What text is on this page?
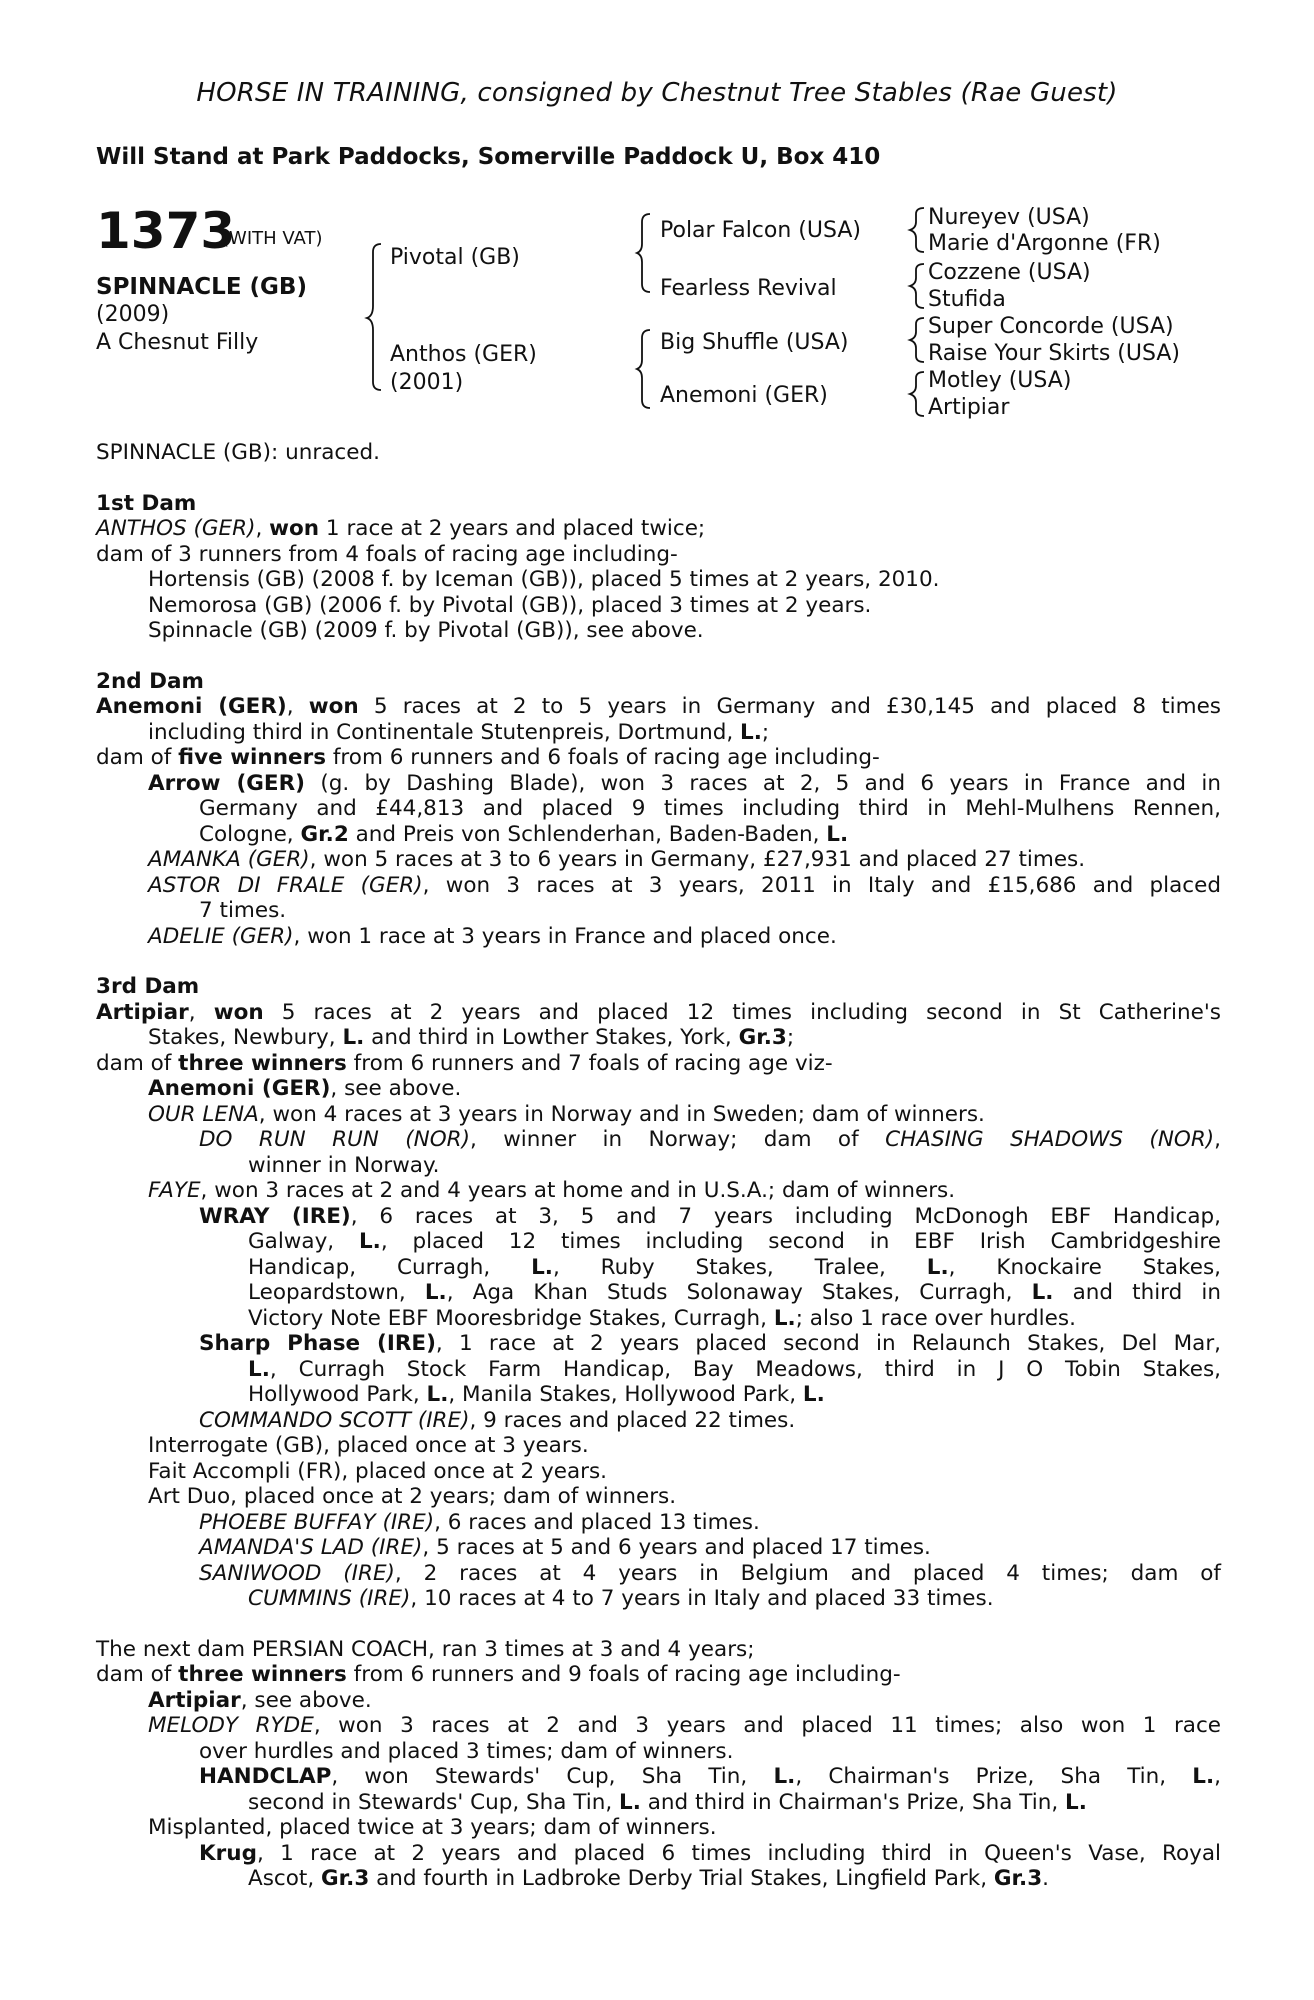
HORSE IN TRAINING, consigned by Chestnut Tree Stables (Rae Guest)
Will Stand at Park Paddocks, Somerville Paddock U, Box 410
1373
(WITH VAT)
SPINNACLE (GB)
(2009)
A Chesnut Filly
Pivotal (GB)
Anthos (GER)
(2001)
Polar Falcon (USA)
Fearless Revival
Big Shuffle (USA)
Anemoni (GER)
Nureyev (USA)
Marie d'Argonne (FR)
Cozzene (USA)
Stufida
Super Concorde (USA)
Raise Your Skirts (USA)
Motley (USA)
Artipiar
SPINNACLE (GB): unraced.
1st Dam
ANTHOS (GER), won 1 race at 2 years and placed twice;
dam of 3 runners from 4 foals of racing age including-
Hortensis (GB) (2008 f. by Iceman (GB)), placed 5 times at 2 years, 2010.
Nemorosa (GB) (2006 f. by Pivotal (GB)), placed 3 times at 2 years.
Spinnacle (GB) (2009 f. by Pivotal (GB)), see above.
2nd Dam
Anemoni (GER), won 5 races at 2 to 5 years in Germany and £30,145 and placed 8 times
including third in Continentale Stutenpreis, Dortmund, L.;
dam of five winners from 6 runners and 6 foals of racing age including-
Arrow (GER) (g. by Dashing Blade), won 3 races at 2, 5 and 6 years in France and in
Germany and £44,813 and placed 9 times including third in Mehl-Mulhens Rennen,
Cologne, Gr.2 and Preis von Schlenderhan, Baden-Baden, L.
AMANKA (GER), won 5 races at 3 to 6 years in Germany, £27,931 and placed 27 times.
ASTOR DI FRALE (GER), won 3 races at 3 years, 2011 in Italy and £15,686 and placed
7 times.
ADELIE (GER), won 1 race at 3 years in France and placed once.
3rd Dam
Artipiar, won 5 races at 2 years and placed 12 times including second in St Catherine's
Stakes, Newbury, L. and third in Lowther Stakes, York, Gr.3;
dam of three winners from 6 runners and 7 foals of racing age viz-
Anemoni (GER), see above.
OUR LENA, won 4 races at 3 years in Norway and in Sweden; dam of winners.
DO RUN RUN (NOR), winner in Norway; dam of CHASING SHADOWS (NOR),
winner in Norway.
FAYE, won 3 races at 2 and 4 years at home and in U.S.A.; dam of winners.
WRAY (IRE), 6 races at 3, 5 and 7 years including McDonogh EBF Handicap,
Galway, L., placed 12 times including second in EBF Irish Cambridgeshire
Handicap, Curragh, L., Ruby Stakes, Tralee, L., Knockaire Stakes,
Leopardstown, L., Aga Khan Studs Solonaway Stakes, Curragh, L. and third in
Victory Note EBF Mooresbridge Stakes, Curragh, L.; also 1 race over hurdles.
Sharp Phase (IRE), 1 race at 2 years placed second in Relaunch Stakes, Del Mar,
L., Curragh Stock Farm Handicap, Bay Meadows, third in J O Tobin Stakes,
Hollywood Park, L., Manila Stakes, Hollywood Park, L.
COMMANDO SCOTT (IRE), 9 races and placed 22 times.
Interrogate (GB), placed once at 3 years.
Fait Accompli (FR), placed once at 2 years.
Art Duo, placed once at 2 years; dam of winners.
PHOEBE BUFFAY (IRE), 6 races and placed 13 times.
AMANDA'S LAD (IRE), 5 races at 5 and 6 years and placed 17 times.
SANIWOOD (IRE), 2 races at 4 years in Belgium and placed 4 times; dam of
CUMMINS (IRE), 10 races at 4 to 7 years in Italy and placed 33 times.
The next dam PERSIAN COACH, ran 3 times at 3 and 4 years;
dam of three winners from 6 runners and 9 foals of racing age including-
Artipiar, see above.
MELODY RYDE, won 3 races at 2 and 3 years and placed 11 times; also won 1 race
over hurdles and placed 3 times; dam of winners.
HANDCLAP, won Stewards' Cup, Sha Tin, L., Chairman's Prize, Sha Tin, L.,
second in Stewards' Cup, Sha Tin, L. and third in Chairman's Prize, Sha Tin, L.
Misplanted, placed twice at 3 years; dam of winners.
Krug, 1 race at 2 years and placed 6 times including third in Queen's Vase, Royal
Ascot, Gr.3 and fourth in Ladbroke Derby Trial Stakes, Lingfield Park, Gr.3.
